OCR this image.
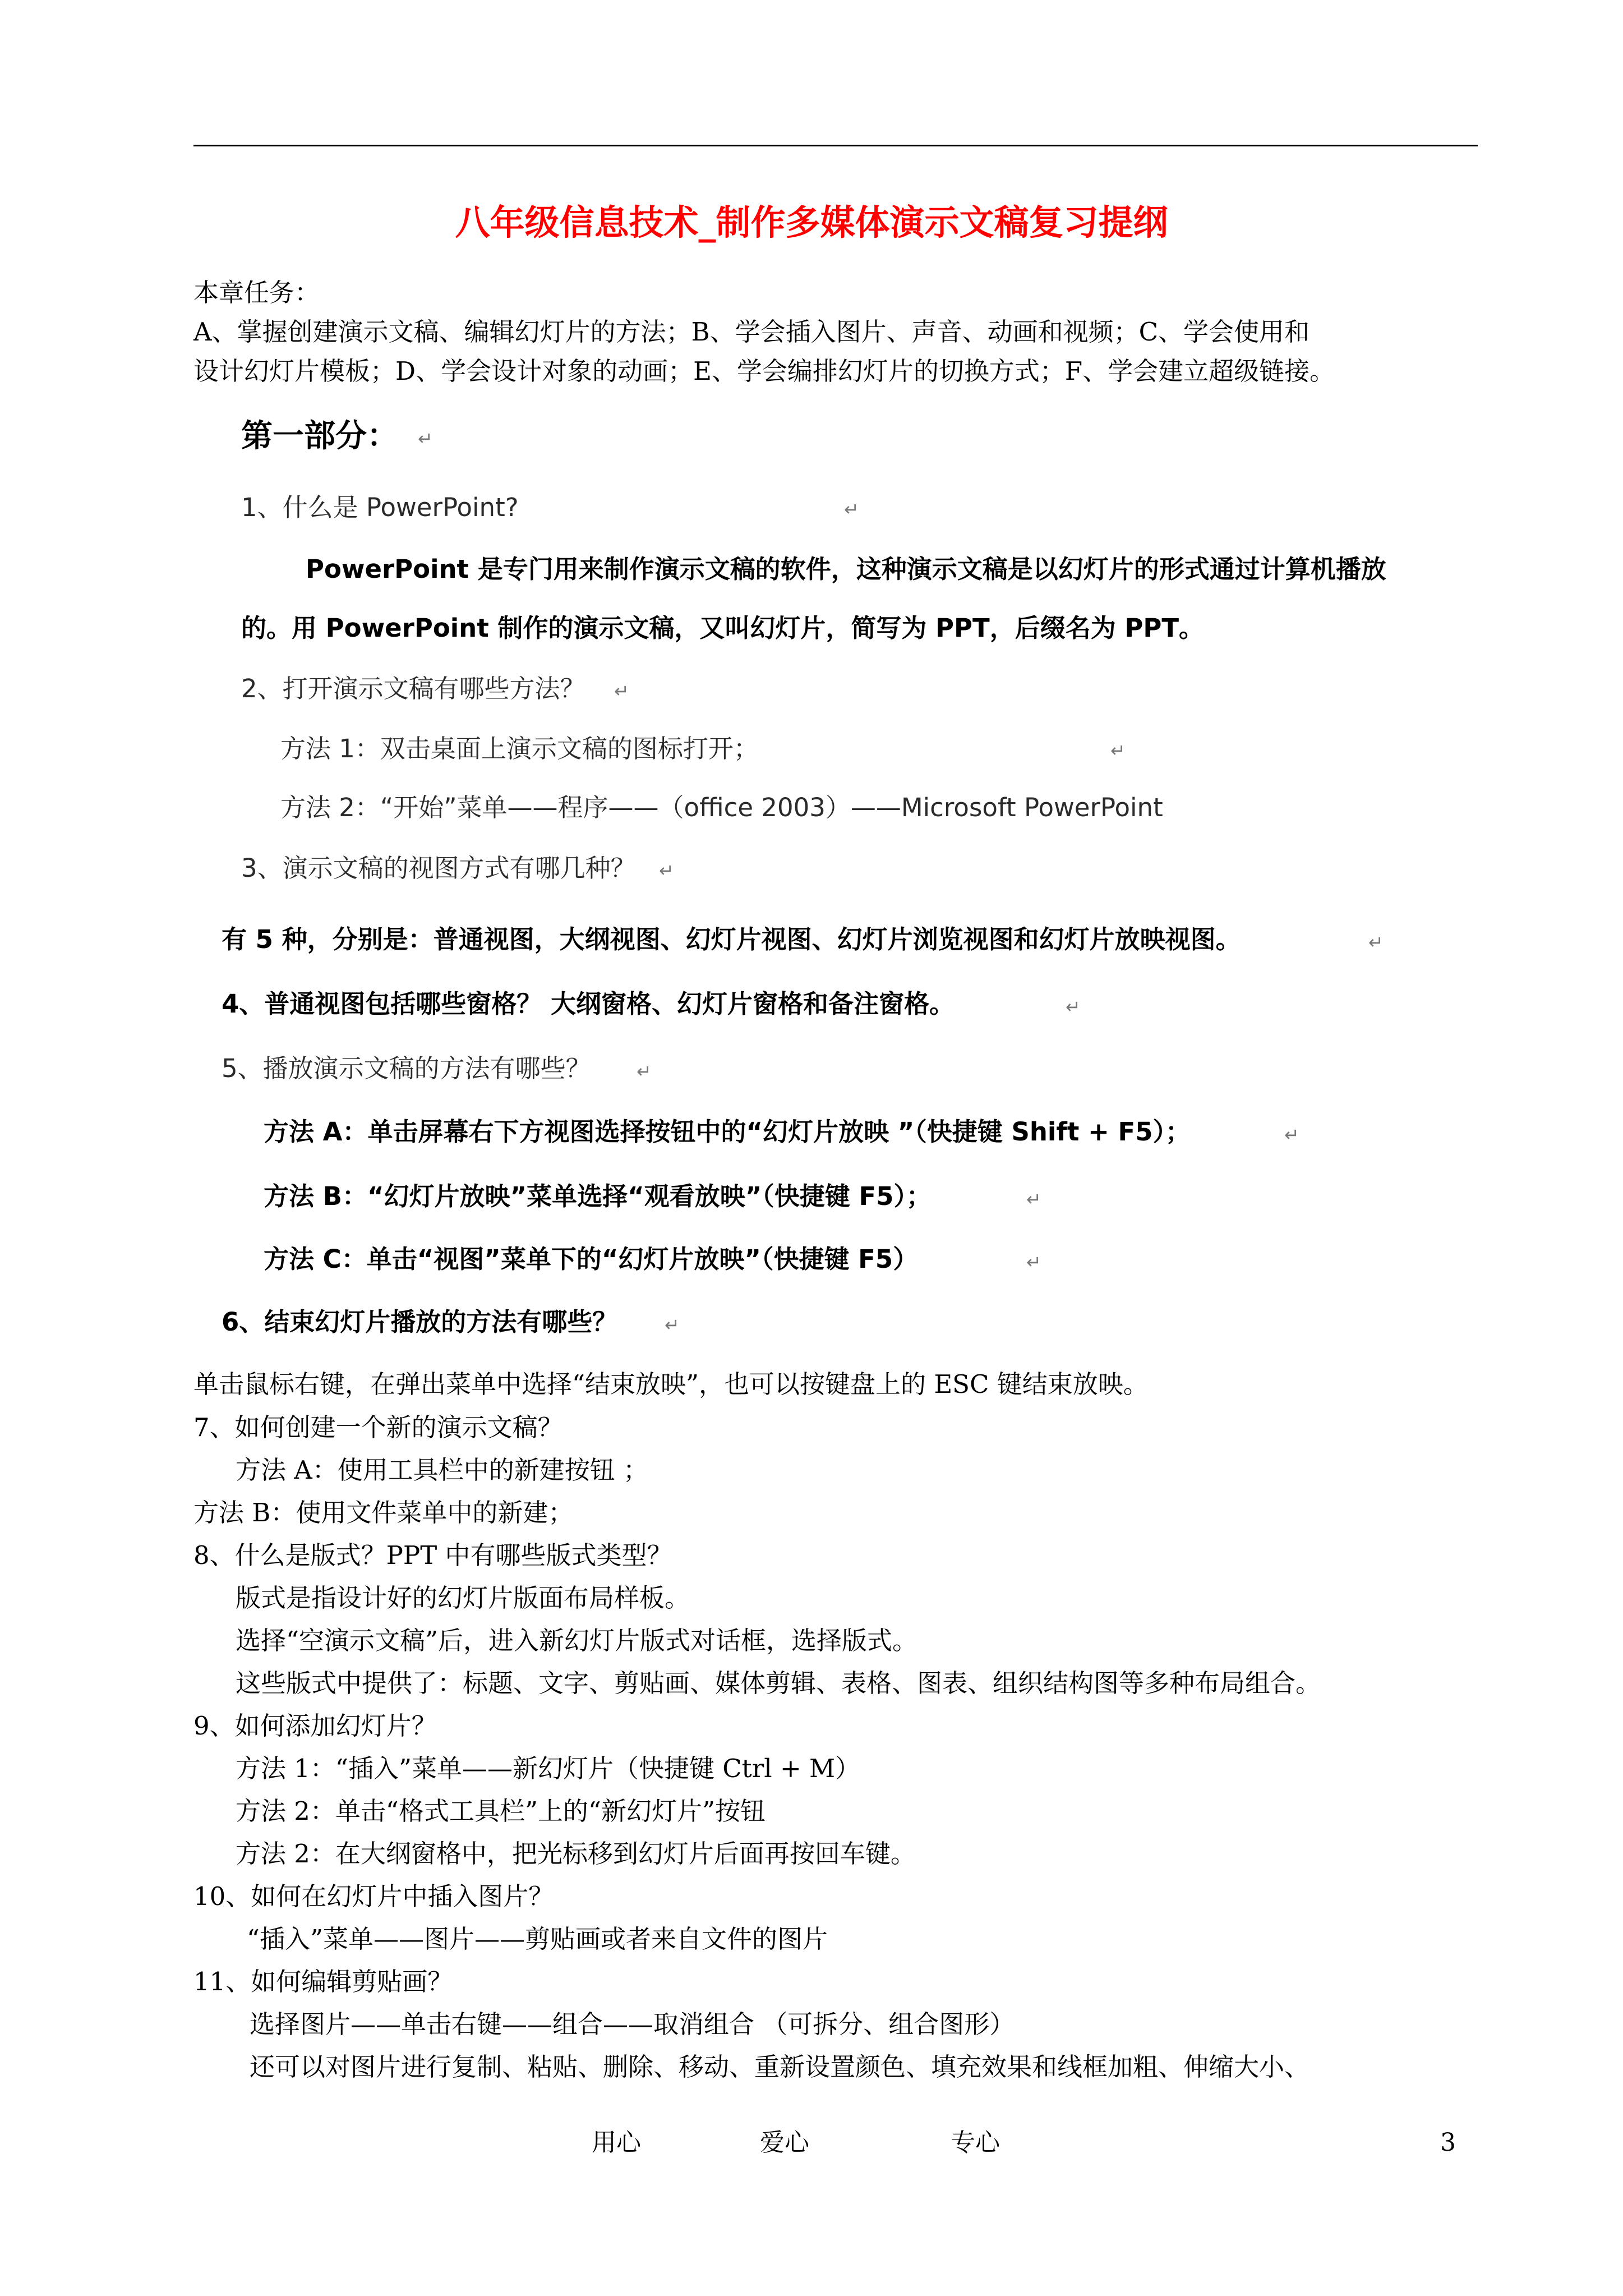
八年级信息技术_制作多媒体演示文稿复习提纲
本章任务：
A、掌握创建演示文稿、编辑幻灯片的方法；B、学会插入图片、声音、动画和视频；C、学会使用和
设计幻灯片模板；D、学会设计对象的动画；E、学会编排幻灯片的切换方式；F、学会建立超级链接。
第一部分： ↵
1、什么是 PowerPoint?	↵
PowerPoint 是专门用来制作演示文稿的软件，这种演示文稿是以幻灯片的形式通过计算机播放
的。用 PowerPoint 制作的演示文稿，又叫幻灯片，简写为 PPT，后缀名为 PPT。
2、打开演示文稿有哪些方法？ ↵
方法 1：双击桌面上演示文稿的图标打开；	↵
方法 2：“开始”菜单——程序——（office 2003）——Microsoft PowerPoint
3、演示文稿的视图方式有哪几种？ ↵
有 5 种，分别是：普通视图，大纲视图、幻灯片视图、幻灯片浏览视图和幻灯片放映视图。	↵
4、普通视图包括哪些窗格？ 大纲窗格、幻灯片窗格和备注窗格。	↵
5、播放演示文稿的方法有哪些？	↵
方法 A：单击屏幕右下方视图选择按钮中的“幻灯片放映 ”（快捷键 Shift + F5）；	↵
方法 B：“幻灯片放映”菜单选择“观看放映”（快捷键 F5）；	↵
方法 C：单击“视图”菜单下的“幻灯片放映”（快捷键 F5）	↵
6、结束幻灯片播放的方法有哪些？	↵
单击鼠标右键，在弹出菜单中选择“结束放映”，也可以按键盘上的 ESC 键结束放映。
7、如何创建一个新的演示文稿？
方法 A：使用工具栏中的新建按钮 ；
方法 B：使用文件菜单中的新建；
8、什么是版式？PPT 中有哪些版式类型？
版式是指设计好的幻灯片版面布局样板。
选择“空演示文稿”后，进入新幻灯片版式对话框，选择版式。
这些版式中提供了：标题、文字、剪贴画、媒体剪辑、表格、图表、组织结构图等多种布局组合。
9、如何添加幻灯片？
方法 1：“插入”菜单——新幻灯片（快捷键 Ctrl + M）
方法 2：单击“格式工具栏”上的“新幻灯片”按钮
方法 2：在大纲窗格中，把光标移到幻灯片后面再按回车键。
10、如何在幻灯片中插入图片？
“插入”菜单——图片——剪贴画或者来自文件的图片
11、如何编辑剪贴画？
选择图片——单击右键——组合——取消组合 （可拆分、组合图形）
还可以对图片进行复制、粘贴、删除、移动、重新设置颜色、填充效果和线框加粗、伸缩大小、
用心	爱心	专心	3
